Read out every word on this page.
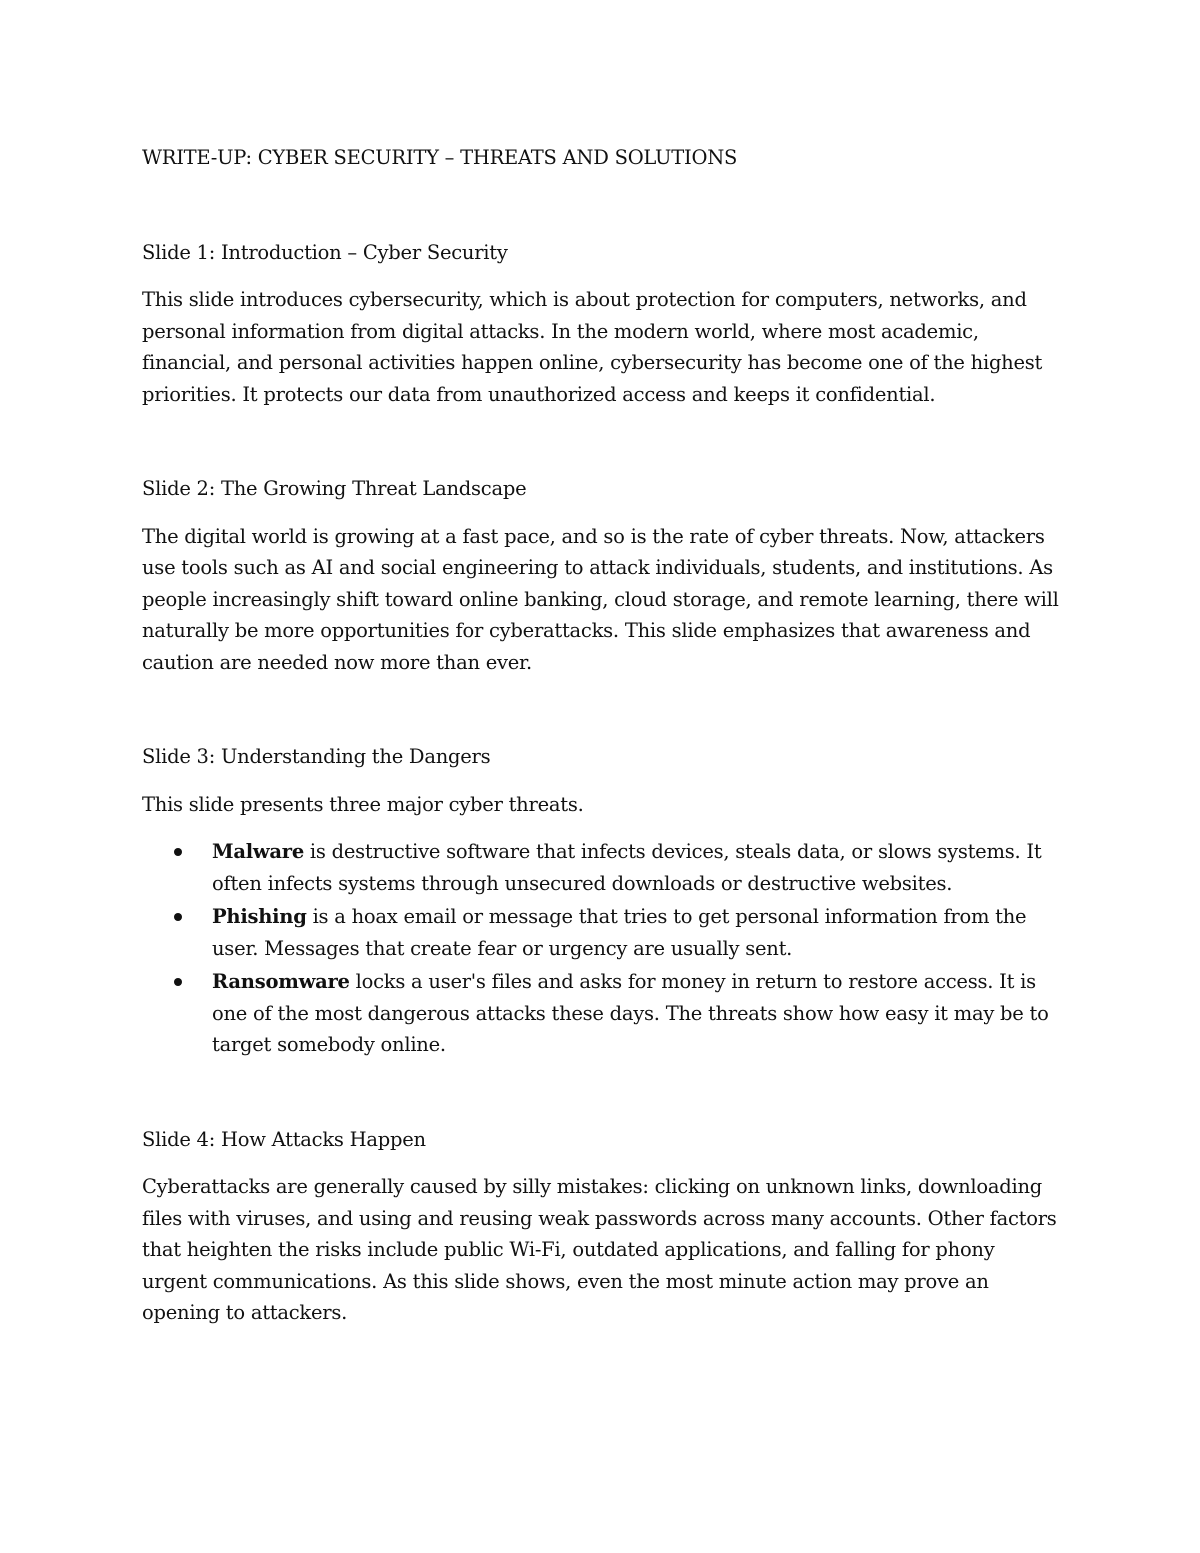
WRITE-UP: CYBER SECURITY – THREATS AND SOLUTIONS

Slide 1: Introduction – Cyber Security

This slide introduces cybersecurity, which is about protection for computers, networks, and personal information from digital attacks. In the modern world, where most academic, financial, and personal activities happen online, cybersecurity has become one of the highest priorities. It protects our data from unauthorized access and keeps it confidential.

Slide 2: The Growing Threat Landscape

The digital world is growing at a fast pace, and so is the rate of cyber threats. Now, attackers use tools such as AI and social engineering to attack individuals, students, and institutions. As people increasingly shift toward online banking, cloud storage, and remote learning, there will naturally be more opportunities for cyberattacks. This slide emphasizes that awareness and caution are needed now more than ever.

Slide 3: Understanding the Dangers

This slide presents three major cyber threats.

Malware is destructive software that infects devices, steals data, or slows systems. It often infects systems through unsecured downloads or destructive websites.
Phishing is a hoax email or message that tries to get personal information from the user. Messages that create fear or urgency are usually sent.
Ransomware locks a user's files and asks for money in return to restore access. It is one of the most dangerous attacks these days. The threats show how easy it may be to target somebody online.

Slide 4: How Attacks Happen

Cyberattacks are generally caused by silly mistakes: clicking on unknown links, downloading files with viruses, and using and reusing weak passwords across many accounts. Other factors that heighten the risks include public Wi-Fi, outdated applications, and falling for phony urgent communications. As this slide shows, even the most minute action may prove an opening to attackers.
